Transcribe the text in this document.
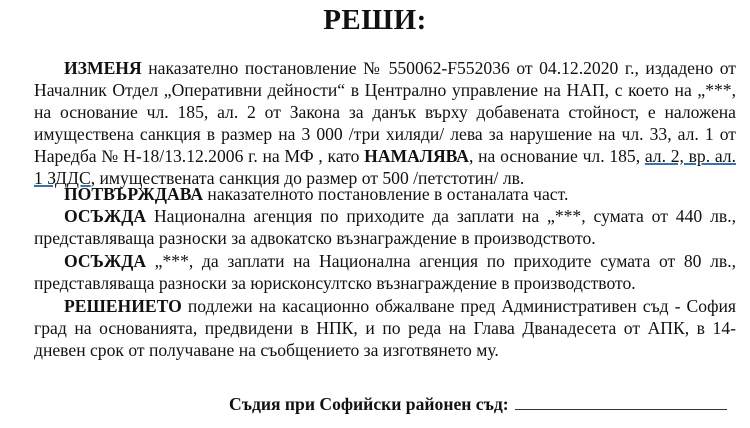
РЕШИ:

ИЗМЕНЯ наказателно постановление № 550062-F552036 от 04.12.2020 г., издадено от Началник Отдел „Оперативни дейности“ в Централно управление на НАП, с което на „***, на основание чл. 185, ал. 2 от Закона за данък върху добавената стойност, е наложена имуществена санкция в размер на 3 000 /три хиляди/ лева за нарушение на чл. 33, ал. 1 от Наредба № Н-18/13.12.2006 г. на МФ , като НАМАЛЯВА, на основание чл. 185, ал. 2, вр. ал. 1 ЗДДС, имуществената санкция до размер от 500 /петстотин/ лв.

ПОТВЪРЖДАВА наказателното постановление в останалата част.

ОСЪЖДА Национална агенция по приходите да заплати на „***, сумата от 440 лв., представляваща разноски за адвокатско възнаграждение в производството.

ОСЪЖДА „***, да заплати на Национална агенция по приходите сумата от 80 лв., представляваща разноски за юрисконсултско възнаграждение в производството.

РЕШЕНИЕТО подлежи на касационно обжалване пред Административен съд - София град на основанията, предвидени в НПК, и по реда на Глава Дванадесета от АПК, в 14-дневен срок от получаване на съобщението за изготвянето му.

Съдия при Софийски районен съд:
